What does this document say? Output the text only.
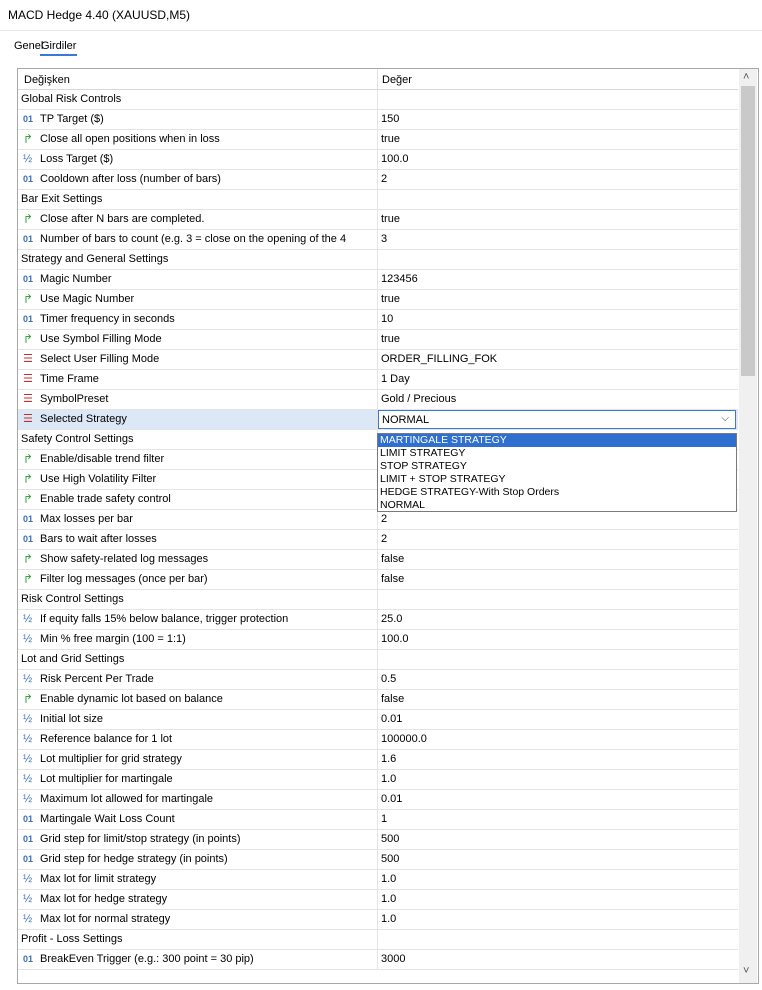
MACD Hedge 4.40 (XAUUSD,M5)
Genel
Girdiler
Değişken	Değer
Global Risk Controls
01 TP Target ($)	150
↱ Close all open positions when in loss	true
½ Loss Target ($)	100.0
01 Cooldown after loss (number of bars)	2
Bar Exit Settings
↱ Close after N bars are completed.	true
01 Number of bars to count (e.g. 3 = close on the opening of the 4	3
Strategy and General Settings
01 Magic Number	123456
↱ Use Magic Number	true
01 Timer frequency in seconds	10
↱ Use Symbol Filling Mode	true
☰ Select User Filling Mode	ORDER_FILLING_FOK
☰ Time Frame	1 Day
☰ SymbolPreset	Gold / Precious
☰ Selected Strategy	NORMAL	⌵
Safety Control Settings
↱ Enable/disable trend filter
↱ Use High Volatility Filter
↱ Enable trade safety control
01 Max losses per bar	2
01 Bars to wait after losses	2
↱ Show safety-related log messages	false
↱ Filter log messages (once per bar)	false
Risk Control Settings
½ If equity falls 15% below balance, trigger protection	25.0
½ Min % free margin (100 = 1:1)	100.0
Lot and Grid Settings
½ Risk Percent Per Trade	0.5
↱ Enable dynamic lot based on balance	false
½ Initial lot size	0.01
½ Reference balance for 1 lot	100000.0
½ Lot multiplier for grid strategy	1.6
½ Lot multiplier for martingale	1.0
½ Maximum lot allowed for martingale	0.01
01 Martingale Wait Loss Count	1
01 Grid step for limit/stop strategy (in points)	500
01 Grid step for hedge strategy (in points)	500
½ Max lot for limit strategy	1.0
½ Max lot for hedge strategy	1.0
½ Max lot for normal strategy	1.0
Profit - Loss Settings
01 BreakEven Trigger (e.g.: 300 point = 30 pip)	3000
˄
˅
MARTINGALE STRATEGY
LIMIT STRATEGY
STOP STRATEGY
LIMIT + STOP STRATEGY
HEDGE STRATEGY-With Stop Orders
NORMAL
